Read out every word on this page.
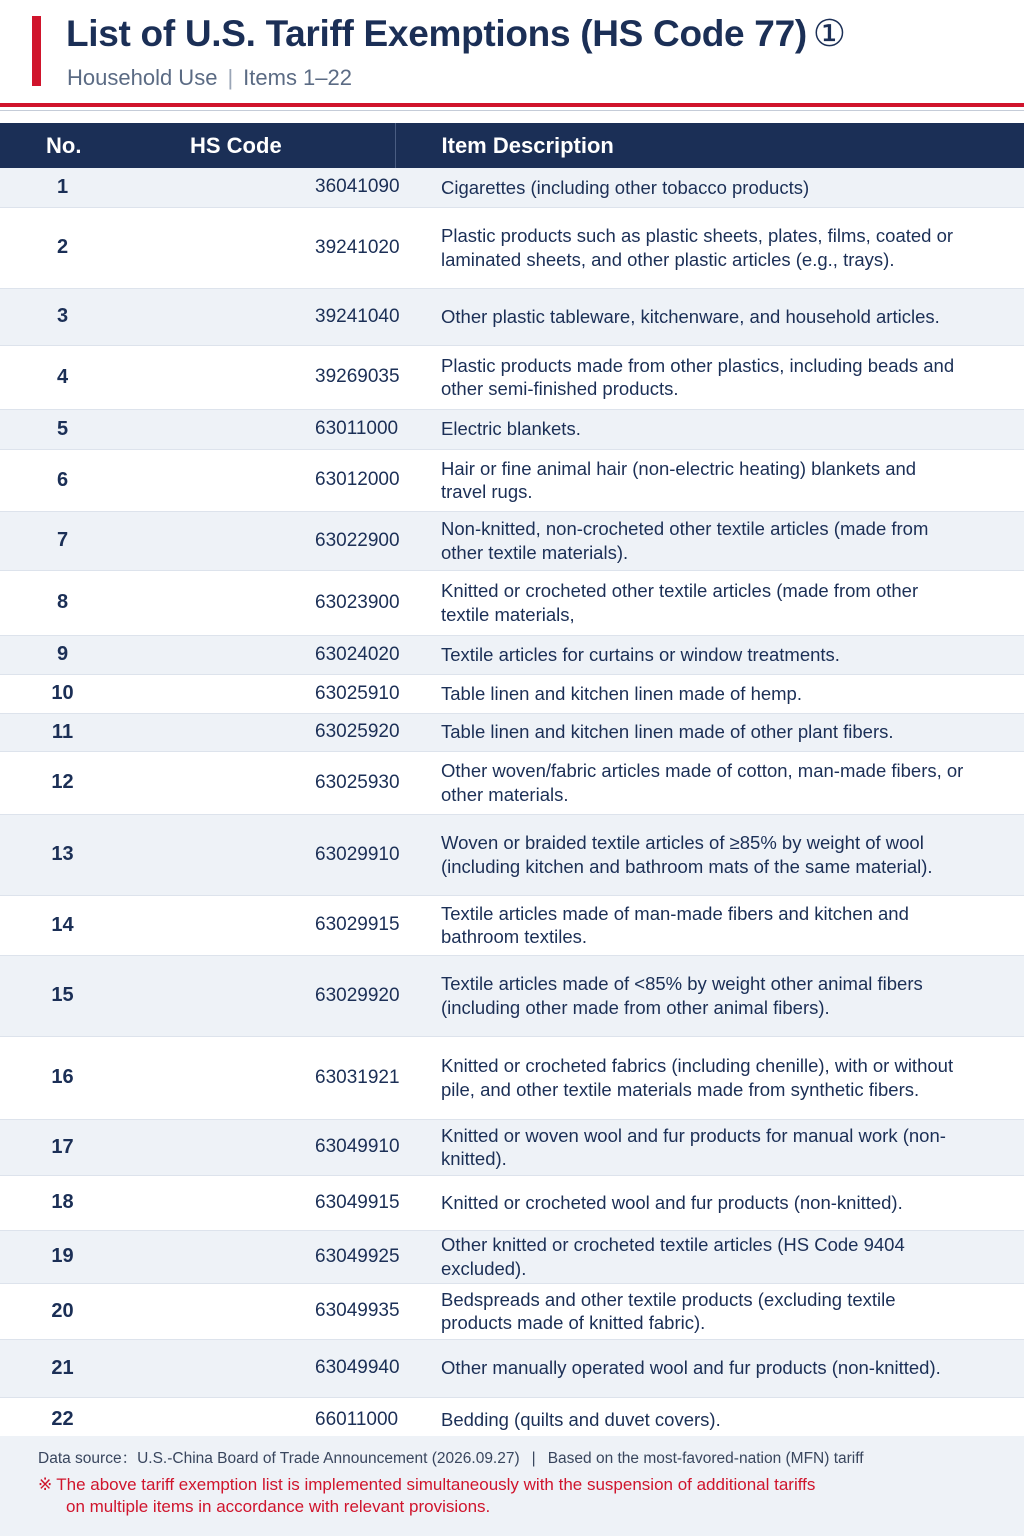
List of U.S. Tariff Exemptions (HS Code 77) ①
Household Use | Items 1–22
No.	HS Code	Item Description
1	36041090	Cigarettes (including other tobacco products)
2	39241020	Plastic products such as plastic sheets, plates, films, coated or laminated sheets, and other plastic articles (e.g., trays).
3	39241040	Other plastic tableware, kitchenware, and household articles.
4	39269035	Plastic products made from other plastics, including beads and other semi-finished products.
5	63011000	Electric blankets.
6	63012000	Hair or fine animal hair (non-electric heating) blankets and travel rugs.
7	63022900	Non-knitted, non-crocheted other textile articles (made from other textile materials).
8	63023900	Knitted or crocheted other textile articles (made from other textile materials,
9	63024020	Textile articles for curtains or window treatments.
10	63025910	Table linen and kitchen linen made of hemp.
11	63025920	Table linen and kitchen linen made of other plant fibers.
12	63025930	Other woven/fabric articles made of cotton, man-made fibers, or other materials.
13	63029910	Woven or braided textile articles of ≥85% by weight of wool (including kitchen and bathroom mats of the same material).
14	63029915	Textile articles made of man-made fibers and kitchen and bathroom textiles.
15	63029920	Textile articles made of <85% by weight other animal fibers (including other made from other animal fibers).
16	63031921	Knitted or crocheted fabrics (including chenille), with or without pile, and other textile materials made from synthetic fibers.
17	63049910	Knitted or woven wool and fur products for manual work (non-knitted).
18	63049915	Knitted or crocheted wool and fur products (non-knitted).
19	63049925	Other knitted or crocheted textile articles (HS Code 9404 excluded).
20	63049935	Bedspreads and other textile products (excluding textile products made of knitted fabric).
21	63049940	Other manually operated wool and fur products (non-knitted).
22	66011000	Bedding (quilts and duvet covers).
Data source：U.S.-China Board of Trade Announcement (2026.09.27) | Based on the most-favored-nation (MFN) tariff
※ The above tariff exemption list is implemented simultaneously with the suspension of additional tariffs
on multiple items in accordance with relevant provisions.
